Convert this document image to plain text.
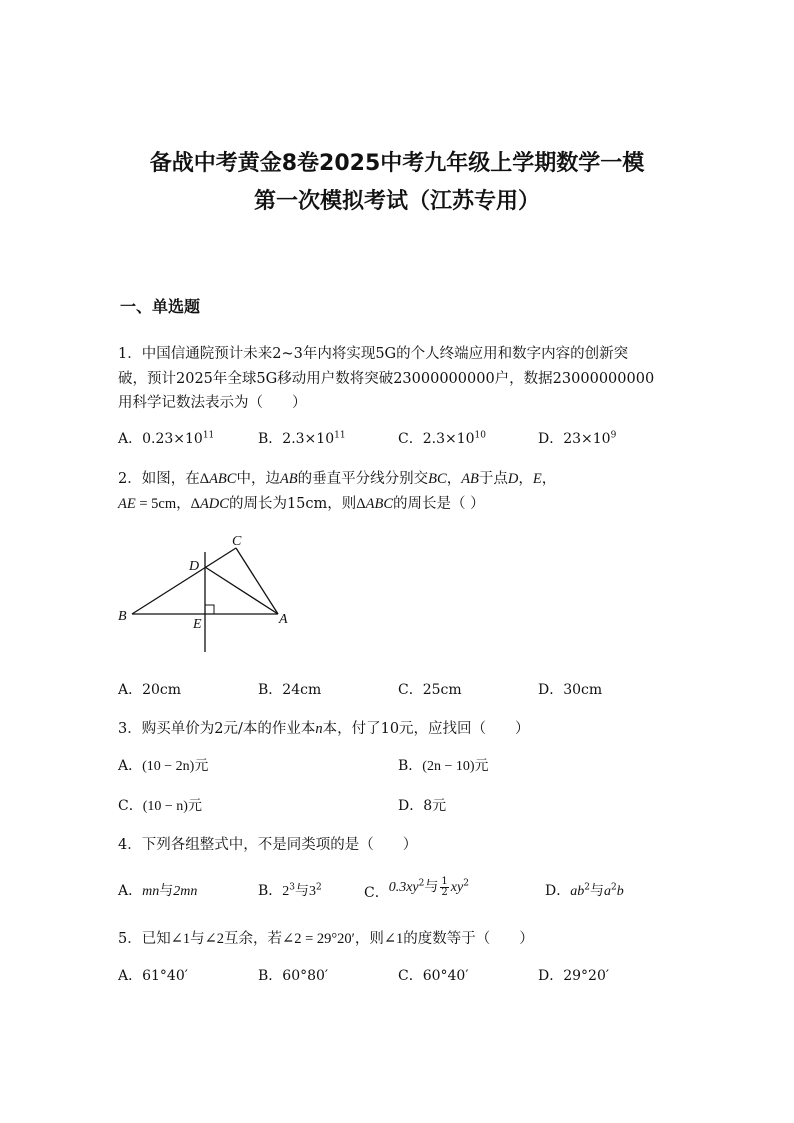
备战中考黄金8卷2025中考九年级上学期数学一模
第一次模拟考试（江苏专用）
一、单选题
1．中国信通院预计未来2~3年内将实现5G的个人终端应用和数字内容的创新突
破，预计2025年全球5G移动用户数将突破23000000000户，数据23000000000
用科学记数法表示为（　　）
A．$0.23\times 10^{11}$	B．$2.3\times 10^{11}$	C．$2.3\times 10^{10}$	D．$23\times 10^9$
2．如图，在ΔABC中，边AB的垂直平分线分别交BC，AB于点D，E，
AE = 5cm，ΔADC的周长为15cm，则ΔABC的周长是（ ）
C
D
B
E	A
A．20cm	B．24cm	C．25cm	D．30cm
3．购买单价为2元/本的作业本n本，付了10元，应找回（　　）
A．(10 − 2n)元	B．(2n − 10)元
C．(10 − n)元	D．8元
4．下列各组整式中，不是同类项的是（　　）
A．mn与2mn	B．$2^3$与$3^2$	C．$0.3xy^2$与 $\frac{1}{2} xy^2$	D．$ab^2$与$a^2b$
5．已知∠1与∠2互余，若∠2 = 29°20′，则∠1的度数等于（　　）
A．61°40′	B．60°80′	C．60°40′	D．29°20′
